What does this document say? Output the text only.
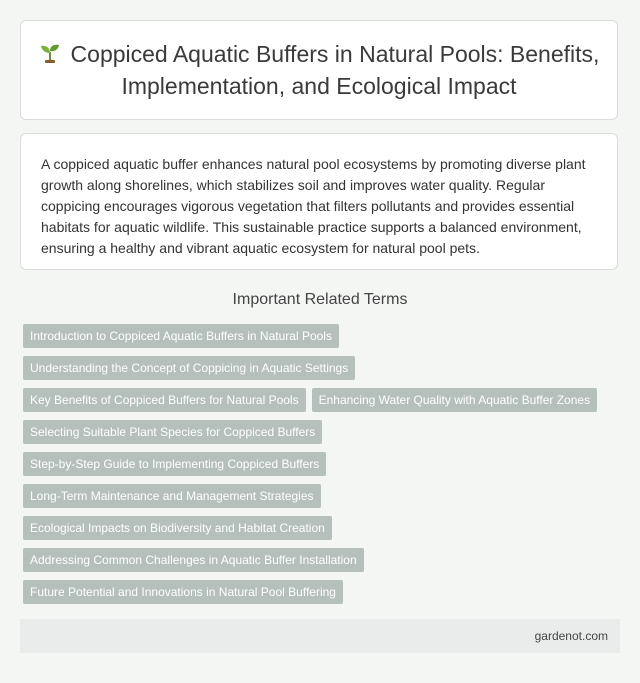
Coppiced Aquatic Buffers in Natural Pools: Benefits, Implementation, and Ecological Impact

A coppiced aquatic buffer enhances natural pool ecosystems by promoting diverse plant growth along shorelines, which stabilizes soil and improves water quality. Regular coppicing encourages vigorous vegetation that filters pollutants and provides essential habitats for aquatic wildlife. This sustainable practice supports a balanced environment, ensuring a healthy and vibrant aquatic ecosystem for natural pool pets.

Important Related Terms
Introduction to Coppiced Aquatic Buffers in Natural Pools
Understanding the Concept of Coppicing in Aquatic Settings
Key Benefits of Coppiced Buffers for Natural Pools	Enhancing Water Quality with Aquatic Buffer Zones
Selecting Suitable Plant Species for Coppiced Buffers
Step-by-Step Guide to Implementing Coppiced Buffers
Long-Term Maintenance and Management Strategies
Ecological Impacts on Biodiversity and Habitat Creation
Addressing Common Challenges in Aquatic Buffer Installation
Future Potential and Innovations in Natural Pool Buffering
gardenot.com
